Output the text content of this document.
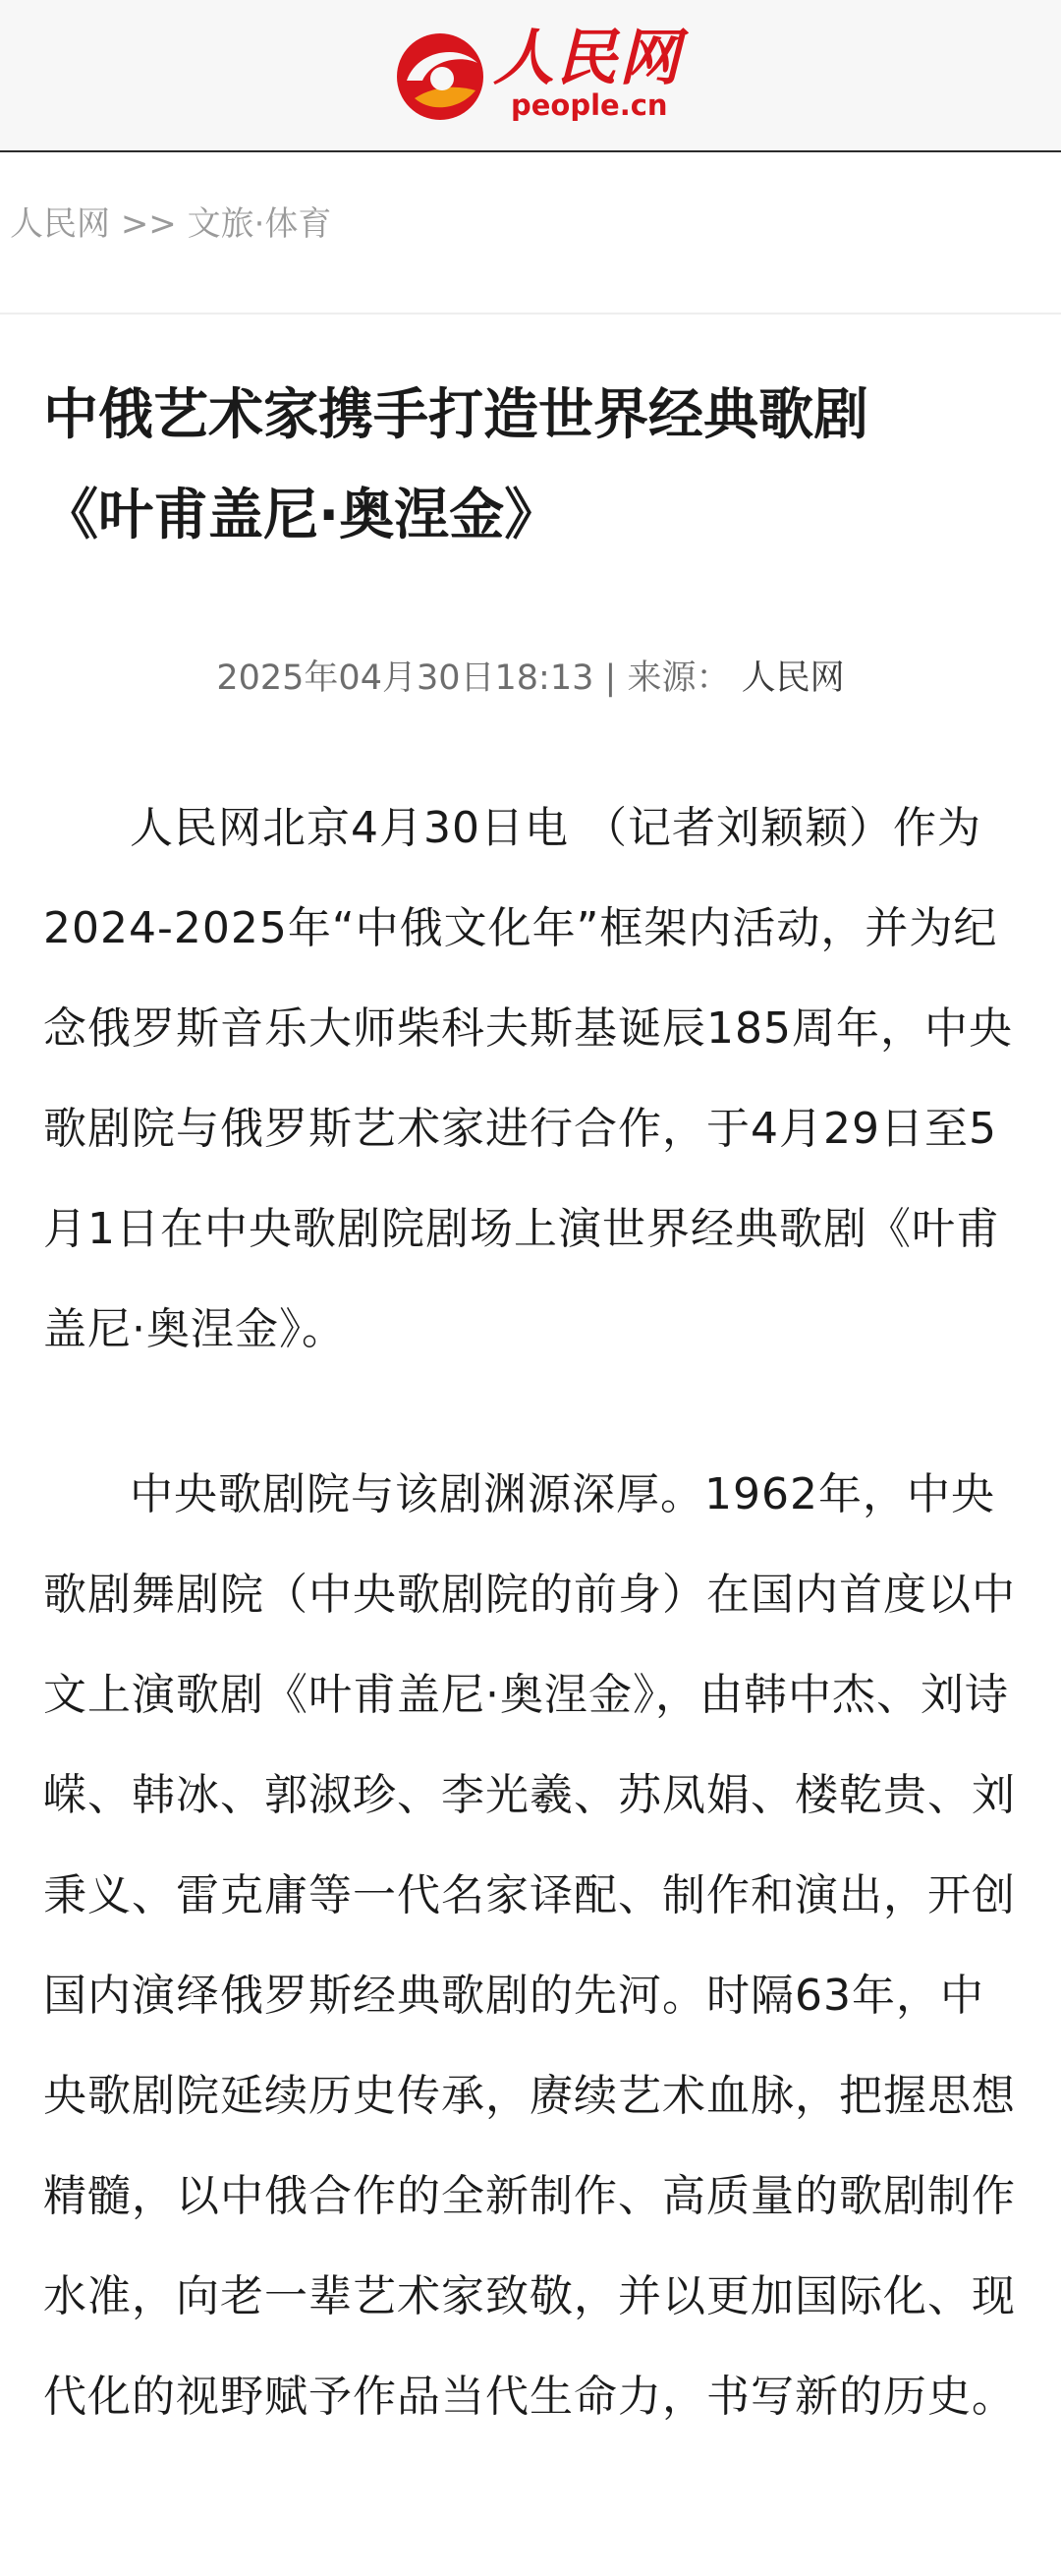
人民网
people.cn
人民网 >> 文旅·体育
中俄艺术家携手打造世界经典歌剧
《叶甫盖尼·奥涅金》
2025年04月30日18:13 | 来源： 人民网

人民网北京4月30日电 （记者刘颖颖）作为2024-2025年“中俄文化年”框架内活动，并为纪念俄罗斯音乐大师柴科夫斯基诞辰185周年，中央歌剧院与俄罗斯艺术家进行合作，于4月29日至5月1日在中央歌剧院剧场上演世界经典歌剧《叶甫盖尼·奥涅金》。

中央歌剧院与该剧渊源深厚。1962年，中央歌剧舞剧院（中央歌剧院的前身）在国内首度以中文上演歌剧《叶甫盖尼·奥涅金》，由韩中杰、刘诗嵘、韩冰、郭淑珍、李光羲、苏凤娟、楼乾贵、刘秉义、雷克庸等一代名家译配、制作和演出，开创国内演绎俄罗斯经典歌剧的先河。时隔63年，中央歌剧院延续历史传承，赓续艺术血脉，把握思想精髓，以中俄合作的全新制作、高质量的歌剧制作水准，向老一辈艺术家致敬，并以更加国际化、现代化的视野赋予作品当代生命力，书写新的历史。
